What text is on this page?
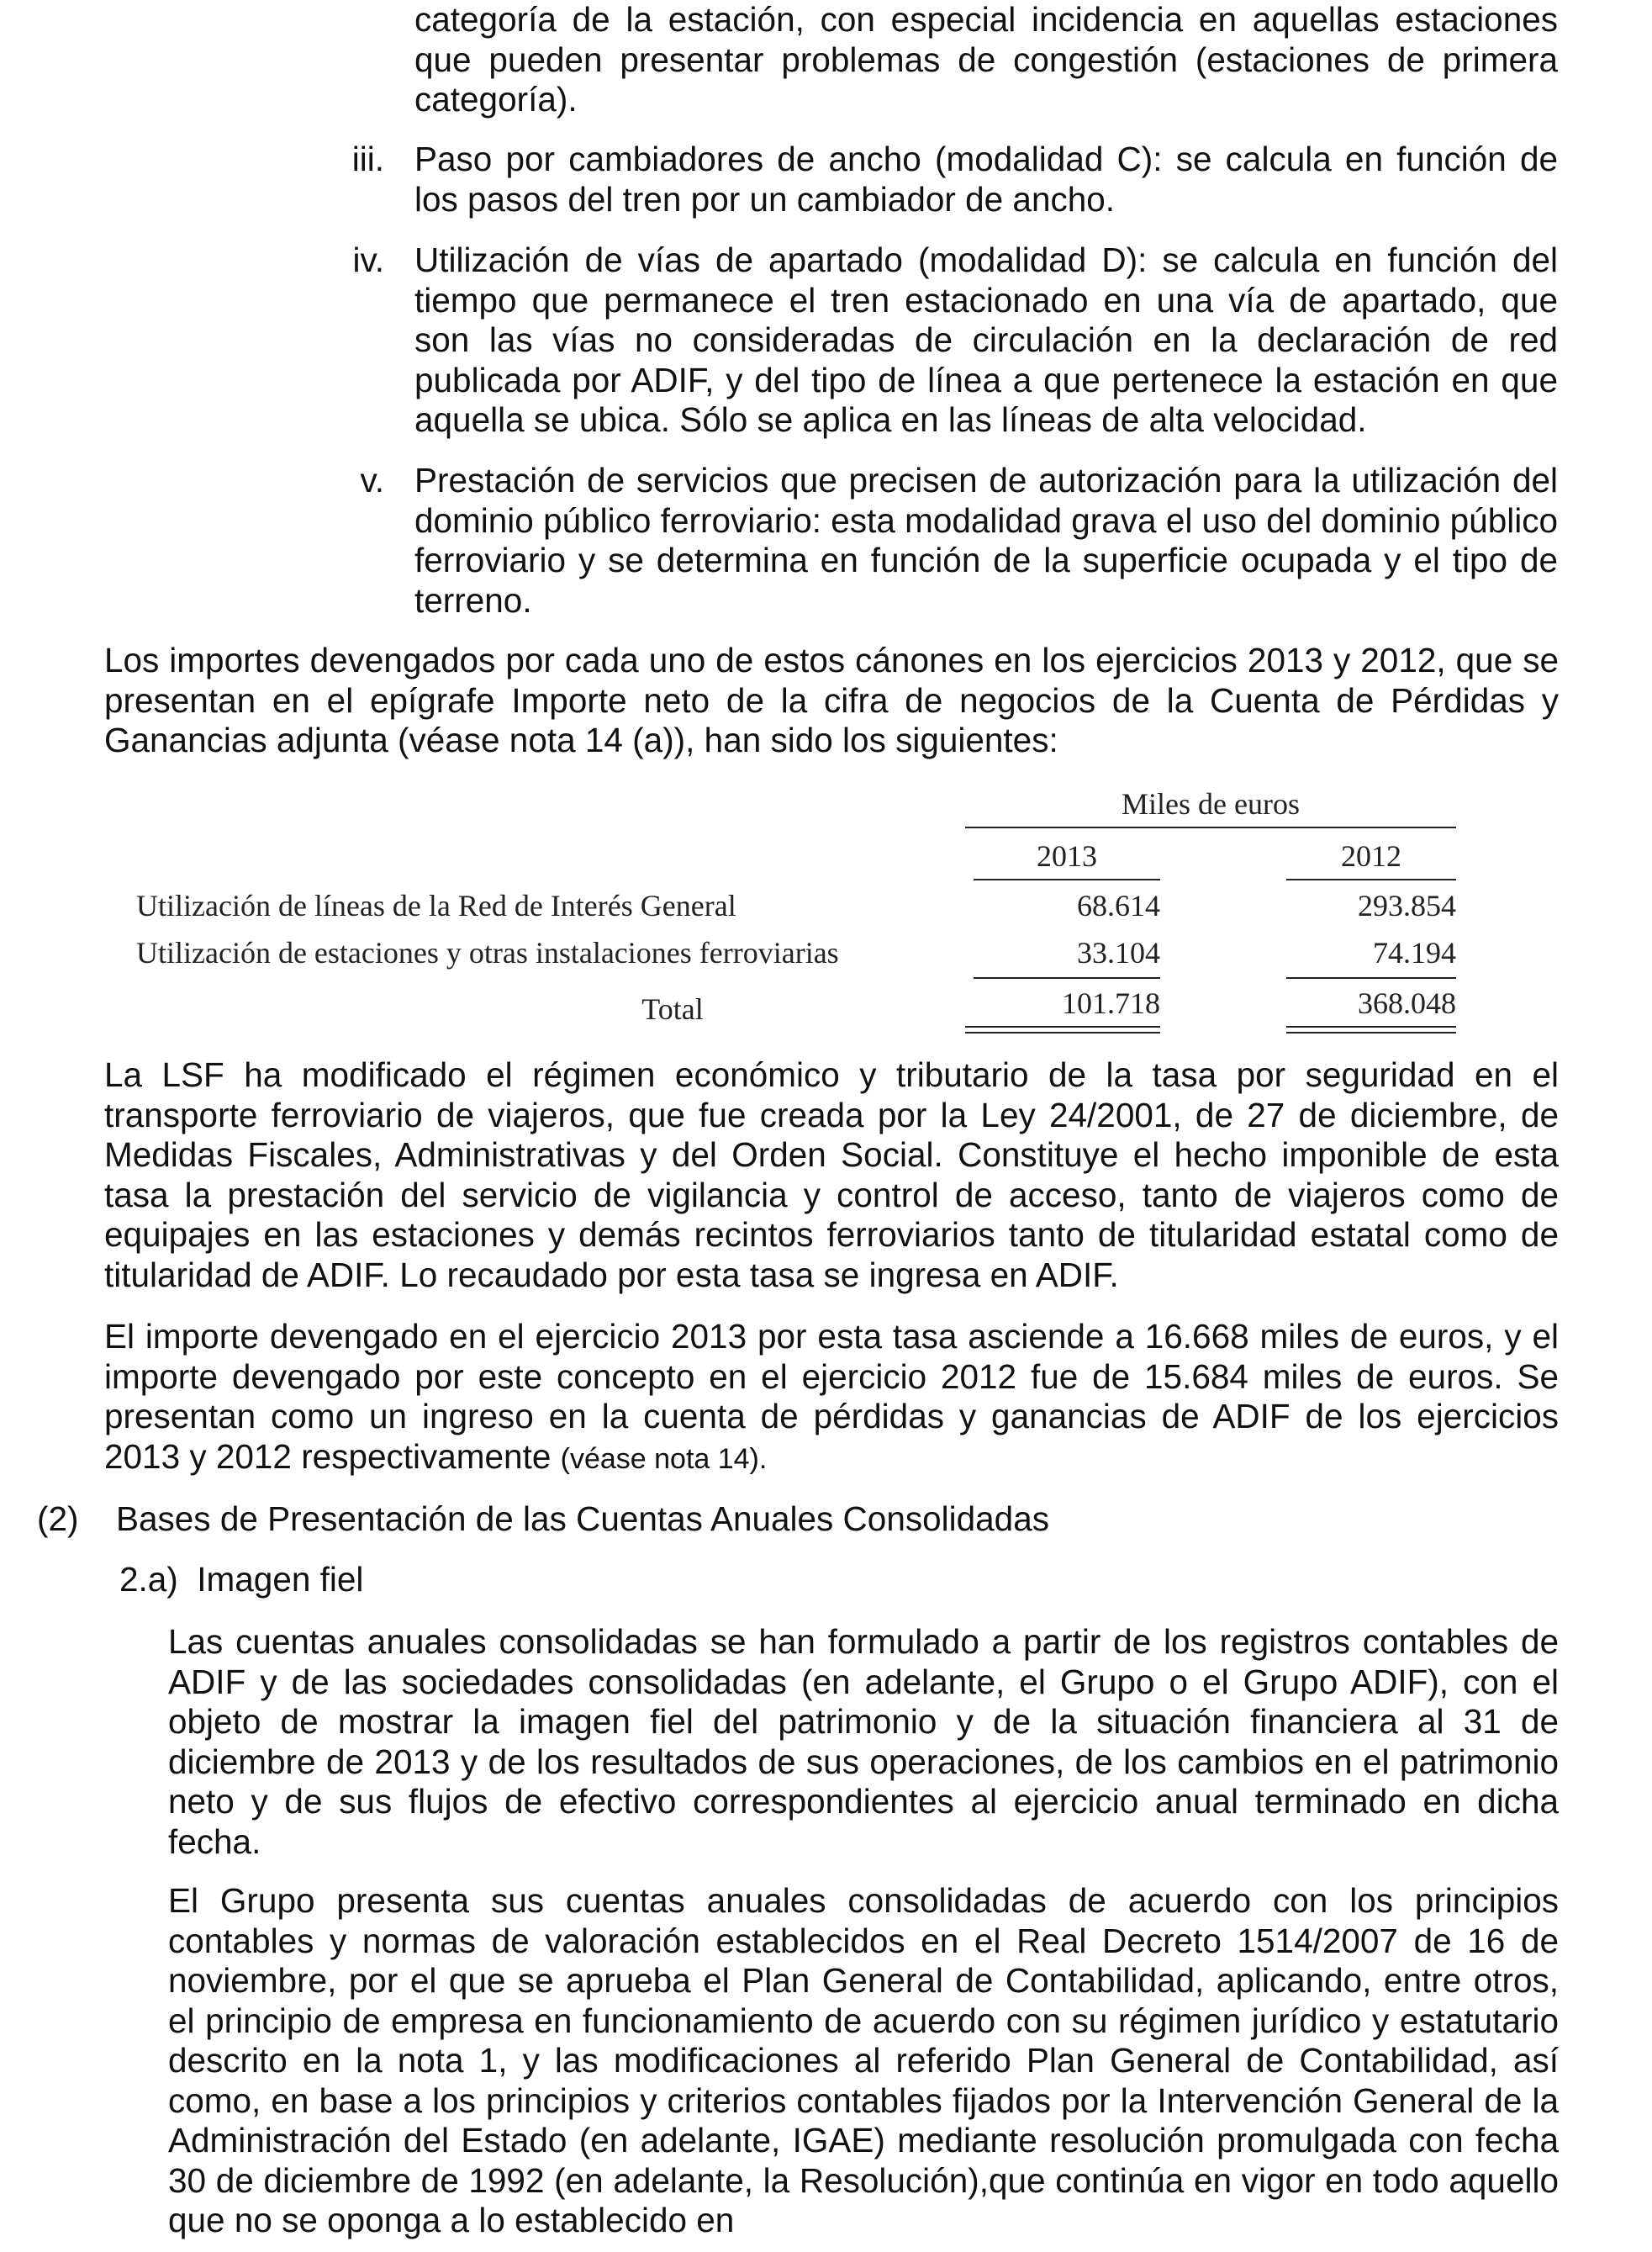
categoría de la estación, con especial incidencia en aquellas estaciones que pueden presentar problemas de congestión (estaciones de primera categoría).

iii. Paso por cambiadores de ancho (modalidad C): se calcula en función de los pasos del tren por un cambiador de ancho.
iv. Utilización de vías de apartado (modalidad D): se calcula en función del tiempo que permanece el tren estacionado en una vía de apartado, que son las vías no consideradas de circulación en la declaración de red publicada por ADIF, y del tipo de línea a que pertenece la estación en que aquella se ubica. Sólo se aplica en las líneas de alta velocidad.
v. Prestación de servicios que precisen de autorización para la utilización del dominio público ferroviario: esta modalidad grava el uso del dominio público ferroviario y se determina en función de la superficie ocupada y el tipo de terreno.

Los importes devengados por cada uno de estos cánones en los ejercicios 2013 y 2012, que se presentan en el epígrafe Importe neto de la cifra de negocios de la Cuenta de Pérdidas y Ganancias adjunta (véase nota 14 (a)), han sido los siguientes:

Miles de euros
2013	2012
Utilización de líneas de la Red de Interés General	68.614	293.854
Utilización de estaciones y otras instalaciones ferroviarias	33.104	74.194
Total	101.718	368.048

La LSF ha modificado el régimen económico y tributario de la tasa por seguridad en el transporte ferroviario de viajeros, que fue creada por la Ley 24/2001, de 27 de diciembre, de Medidas Fiscales, Administrativas y del Orden Social. Constituye el hecho imponible de esta tasa la prestación del servicio de vigilancia y control de acceso, tanto de viajeros como de equipajes en las estaciones y demás recintos ferroviarios tanto de titularidad estatal como de titularidad de ADIF. Lo recaudado por esta tasa se ingresa en ADIF.

El importe devengado en el ejercicio 2013 por esta tasa asciende a 16.668 miles de euros, y el importe devengado por este concepto en el ejercicio 2012 fue de 15.684 miles de euros. Se presentan como un ingreso en la cuenta de pérdidas y ganancias de ADIF de los ejercicios 2013 y 2012 respectivamente (véase nota 14).

(2) Bases de Presentación de las Cuentas Anuales Consolidadas
2.a)  Imagen fiel

Las cuentas anuales consolidadas se han formulado a partir de los registros contables de ADIF y de las sociedades consolidadas (en adelante, el Grupo o el Grupo ADIF), con el objeto de mostrar la imagen fiel del patrimonio y de la situación financiera al 31 de diciembre de 2013 y de los resultados de sus operaciones, de los cambios en el patrimonio neto y de sus flujos de efectivo correspondientes al ejercicio anual terminado en dicha fecha.

El Grupo presenta sus cuentas anuales consolidadas de acuerdo con los principios contables y normas de valoración establecidos en el Real Decreto 1514/2007 de 16 de noviembre, por el que se aprueba el Plan General de Contabilidad, aplicando, entre otros, el principio de empresa en funcionamiento de acuerdo con su régimen jurídico y estatutario descrito en la nota 1, y las modificaciones al referido Plan General de Contabilidad, así como, en base a los principios y criterios contables fijados por la Intervención General de la Administración del Estado (en adelante, IGAE) mediante resolución promulgada con fecha 30 de diciembre de 1992 (en adelante, la Resolución),que continúa en vigor en todo aquello que no se oponga a lo establecido en
